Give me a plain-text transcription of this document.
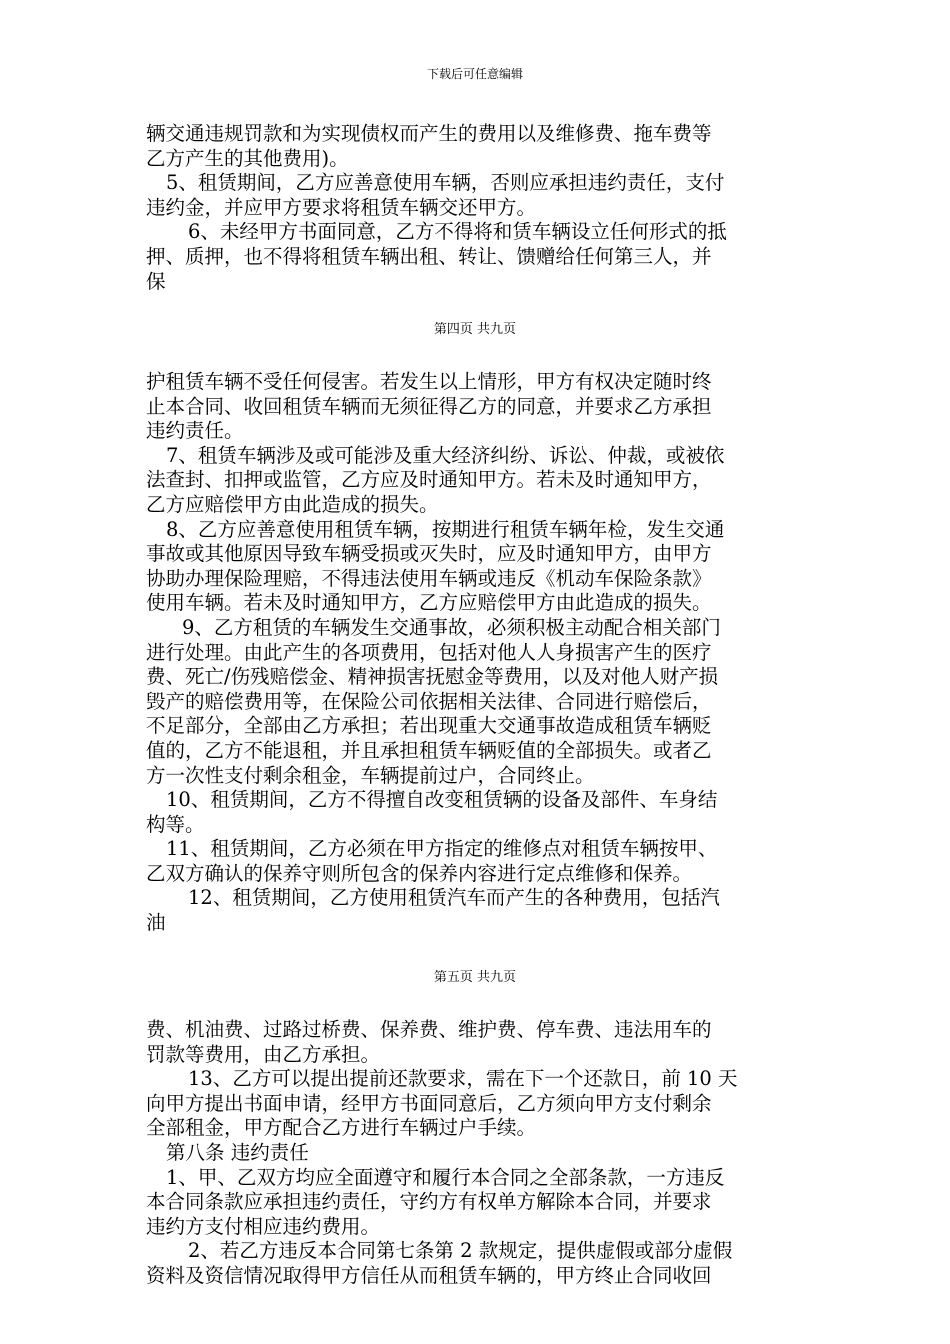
下载后可任意编辑
辆交通违规罚款和为实现债权而产生的费用以及维修费、拖车费等
乙方产生的其他费用)。
5、租赁期间，乙方应善意使用车辆，否则应承担违约责任，支付
违约金，并应甲方要求将租赁车辆交还甲方。
6、未经甲方书面同意，乙方不得将和赁车辆设立任何形式的抵
押、质押，也不得将租赁车辆出租、转让、馈赠给任何第三人，并
保
第四页 共九页
护租赁车辆不受任何侵害。若发生以上情形，甲方有权决定随时终
止本合同、收回租赁车辆而无须征得乙方的同意，并要求乙方承担
违约责任。
7、租赁车辆涉及或可能涉及重大经济纠纷、诉讼、仲裁，或被依
法查封、扣押或监管，乙方应及时通知甲方。若未及时通知甲方，
乙方应赔偿甲方由此造成的损失。
8、乙方应善意使用租赁车辆，按期进行租赁车辆年检，发生交通
事故或其他原因导致车辆受损或灭失时，应及时通知甲方，由甲方
协助办理保险理赔，不得违法使用车辆或违反《机动车保险条款》
使用车辆。若未及时通知甲方，乙方应赔偿甲方由此造成的损失。
9、乙方租赁的车辆发生交通事故，必须积极主动配合相关部门
进行处理。由此产生的各项费用，包括对他人人身损害产生的医疗
费、死亡/伤残赔偿金、精神损害抚慰金等费用，以及对他人财产损
毁产的赔偿费用等，在保险公司依据相关法律、合同进行赔偿后，
不足部分，全部由乙方承担；若出现重大交通事故造成租赁车辆贬
值的，乙方不能退租，并且承担租赁车辆贬值的全部损失。或者乙
方一次性支付剩余租金，车辆提前过户，合同终止。
10、租赁期间，乙方不得擅自改变租赁辆的设备及部件、车身结
构等。
11、租赁期间，乙方必须在甲方指定的维修点对租赁车辆按甲、
乙双方确认的保养守则所包含的保养内容进行定点维修和保养。
12、租赁期间，乙方使用租赁汽车而产生的各种费用，包括汽
油
第五页 共九页
费、机油费、过路过桥费、保养费、维护费、停车费、违法用车的
罚款等费用，由乙方承担。
13、乙方可以提出提前还款要求，需在下一个还款日，前 10 天
向甲方提出书面申请，经甲方书面同意后，乙方须向甲方支付剩余
全部租金，甲方配合乙方进行车辆过户手续。
第八条 违约责任
1、甲、乙双方均应全面遵守和履行本合同之全部条款，一方违反
本合同条款应承担违约责任，守约方有权单方解除本合同，并要求
违约方支付相应违约费用。
2、若乙方违反本合同第七条第 2 款规定，提供虚假或部分虚假
资料及资信情况取得甲方信任从而租赁车辆的，甲方终止合同收回
